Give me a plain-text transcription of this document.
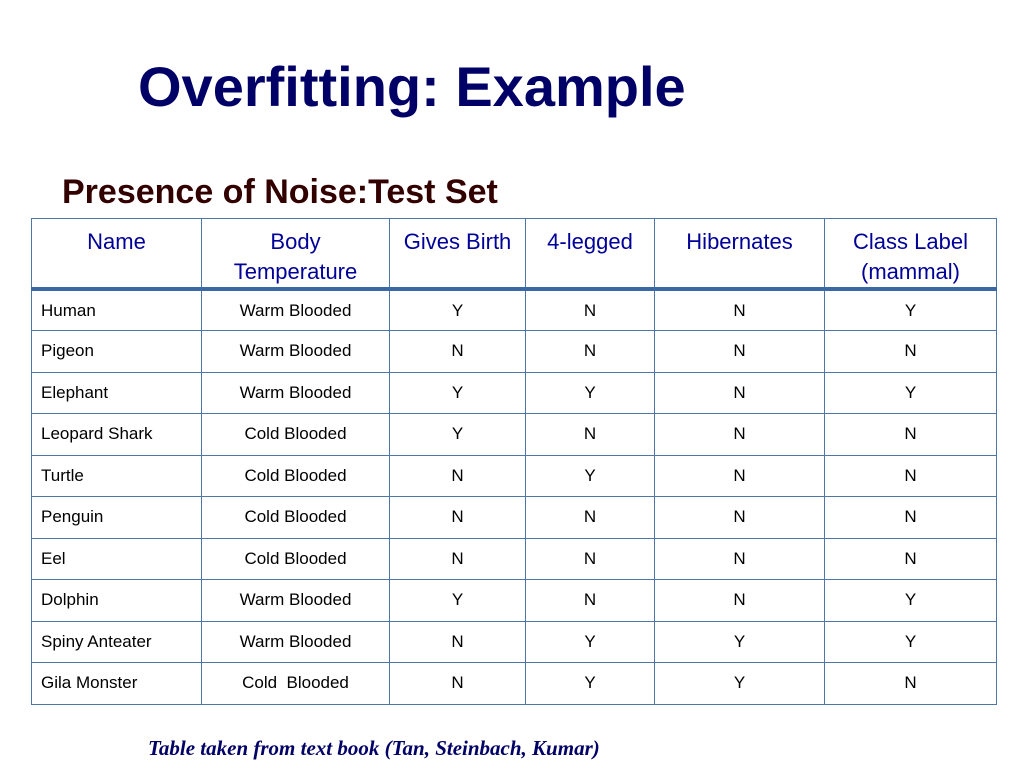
Overfitting: Example
Presence of Noise:Test Set
Name	Body Temperature	Gives Birth	4-legged	Hibernates	Class Label (mammal)
Human	Warm Blooded	Y	N	N	Y
Pigeon	Warm Blooded	N	N	N	N
Elephant	Warm Blooded	Y	Y	N	Y
Leopard Shark	Cold Blooded	Y	N	N	N
Turtle	Cold Blooded	N	Y	N	N
Penguin	Cold Blooded	N	N	N	N
Eel	Cold Blooded	N	N	N	N
Dolphin	Warm Blooded	Y	N	N	Y
Spiny Anteater	Warm Blooded	N	Y	Y	Y
Gila Monster	Cold  Blooded	N	Y	Y	N

Table taken from text book (Tan, Steinbach, Kumar)
